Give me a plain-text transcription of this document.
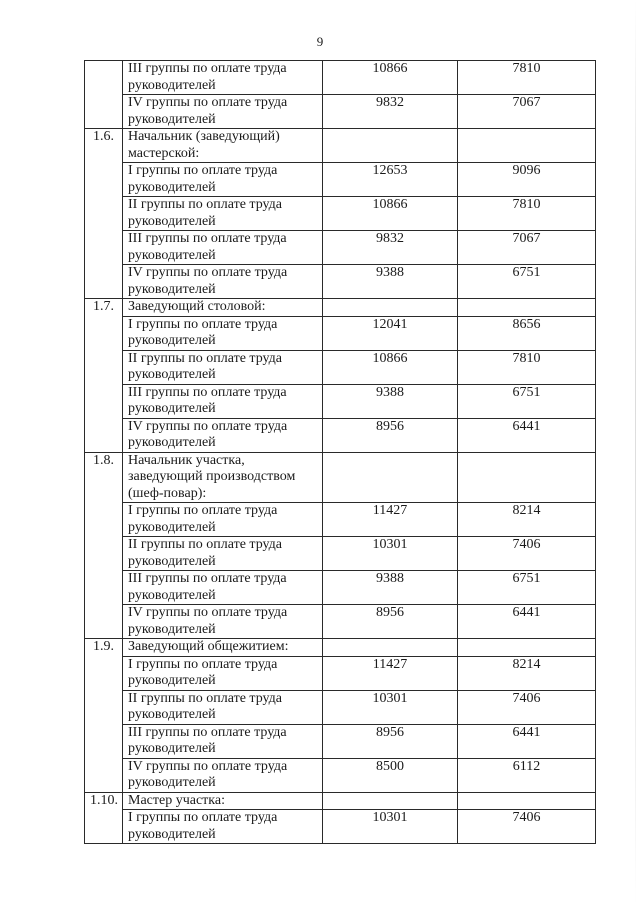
9
	III группы по оплате труда руководителей	10866	7810
	IV группы по оплате труда руководителей	9832	7067
1.6.	Начальник (заведующий) мастерской:		
	I группы по оплате труда руководителей	12653	9096
	II группы по оплате труда руководителей	10866	7810
	III группы по оплате труда руководителей	9832	7067
	IV группы по оплате труда руководителей	9388	6751
1.7.	Заведующий столовой:		
	I группы по оплате труда руководителей	12041	8656
	II группы по оплате труда руководителей	10866	7810
	III группы по оплате труда руководителей	9388	6751
	IV группы по оплате труда руководителей	8956	6441
1.8.	Начальник участка, заведующий производством (шеф-повар):		
	I группы по оплате труда руководителей	11427	8214
	II группы по оплате труда руководителей	10301	7406
	III группы по оплате труда руководителей	9388	6751
	IV группы по оплате труда руководителей	8956	6441
1.9.	Заведующий общежитием:		
	I группы по оплате труда руководителей	11427	8214
	II группы по оплате труда руководителей	10301	7406
	III группы по оплате труда руководителей	8956	6441
	IV группы по оплате труда руководителей	8500	6112
1.10.	Мастер участка:		
	I группы по оплате труда руководителей	10301	7406
